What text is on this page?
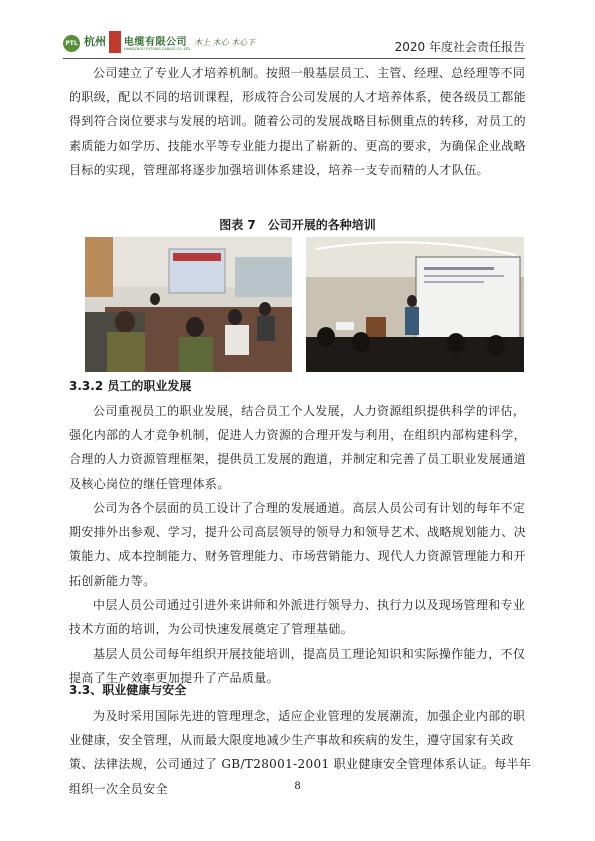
PTL 杭州 电缆有限公司
HANGZHOU FUTONG CABLES CO.,LTD
木上 木心 木心下	2020 年度社会责任报告

公司建立了专业人才培养机制。按照一般基层员工、主管、经理、总经理等不同的职级，配以不同的培训课程，形成符合公司发展的人才培养体系，使各级员工都能得到符合岗位要求与发展的培训。随着公司的发展战略目标侧重点的转移，对员工的素质能力如学历、技能水平等专业能力提出了崭新的、更高的要求，为确保企业战略目标的实现，管理部将逐步加强培训体系建设，培养一支专而精的人才队伍。

图表 7　公司开展的各种培训
3.3.2 员工的职业发展

公司重视员工的职业发展，结合员工个人发展，人力资源组织提供科学的评估，强化内部的人才竞争机制，促进人力资源的合理开发与利用，在组织内部构建科学，合理的人力资源管理框架，提供员工发展的跑道，并制定和完善了员工职业发展通道及核心岗位的继任管理体系。

公司为各个层面的员工设计了合理的发展通道。高层人员公司有计划的每年不定期安排外出参观、学习，提升公司高层领导的领导力和领导艺术、战略规划能力、决策能力、成本控制能力、财务管理能力、市场营销能力、现代人力资源管理能力和开拓创新能力等。

中层人员公司通过引进外来讲师和外派进行领导力、执行力以及现场管理和专业技术方面的培训，为公司快速发展奠定了管理基础。

基层人员公司每年组织开展技能培训，提高员工理论知识和实际操作能力，不仅提高了生产效率更加提升了产品质量。

3.3、职业健康与安全

为及时采用国际先进的管理理念，适应企业管理的发展潮流，加强企业内部的职业健康，安全管理，从而最大限度地减少生产事故和疾病的发生，遵守国家有关政策、法律法规，公司通过了 GB/T28001-2001 职业健康安全管理体系认证。每半年组织一次全员安全	8
